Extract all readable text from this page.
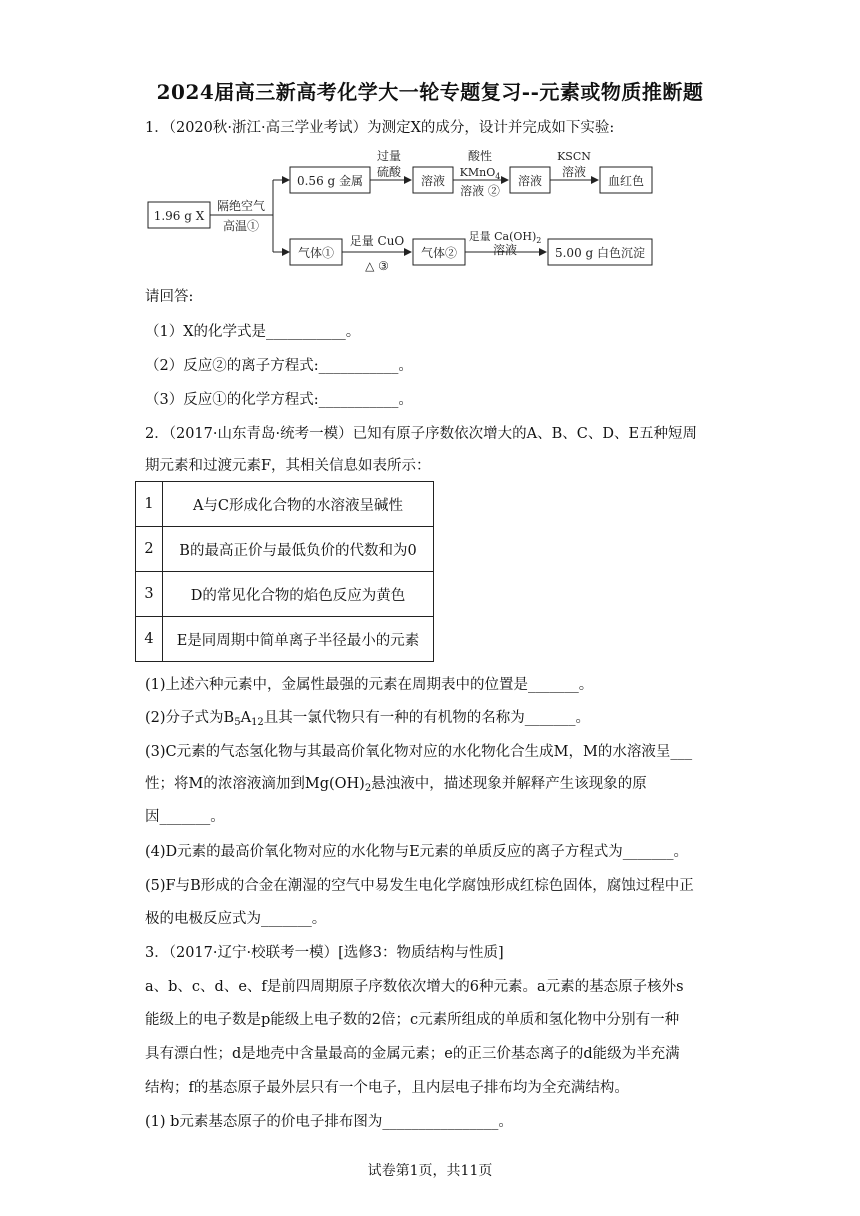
2024届高三新高考化学大一轮专题复习--元素或物质推断题
1．（2020秋·浙江·高三学业考试）为测定X的成分，设计并完成如下实验:
1.96 g X
隔绝空气
高温①
0.56 g 金属
过量
硫酸
溶液
酸性
KMnO$_4$
溶液 ②
溶液
KSCN
溶液
血红色
气体①
足量 CuO
△ ③
气体②
足量 $Ca(OH)_2$
溶液	5.00 g 白色沉淀
请回答:
（1）X的化学式是___________。
（2）反应②的离子方程式:___________。
（3）反应①的化学方程式:___________。
2．（2017·山东青岛·统考一模）已知有原子序数依次增大的A、B、C、D、E五种短周
期元素和过渡元素F，其相关信息如表所示：
1	A与C形成化合物的水溶液呈碱性
2	B的最高正价与最低负价的代数和为0
3	D的常见化合物的焰色反应为黄色
4	E是同周期中简单离子半径最小的元素
(1)上述六种元素中，金属性最强的元素在周期表中的位置是_______。
(2)分子式为$B_5A_{12}$且其一氯代物只有一种的有机物的名称为_______。
(3)C元素的气态氢化物与其最高价氧化物对应的水化物化合生成M，M的水溶液呈___
性；将M的浓溶液滴加到$Mg(OH)_2$悬浊液中，描述现象并解释产生该现象的原
因_______。
(4)D元素的最高价氧化物对应的水化物与E元素的单质反应的离子方程式为_______。
(5)F与B形成的合金在潮湿的空气中易发生电化学腐蚀形成红棕色固体，腐蚀过程中正
极的电极反应式为_______。
3．（2017·辽宁·校联考一模）[选修3：物质结构与性质]
a、b、c、d、e、f是前四周期原子序数依次增大的6种元素。a元素的基态原子核外s
能级上的电子数是p能级上电子数的2倍；c元素所组成的单质和氢化物中分别有一种
具有漂白性；d是地壳中含量最高的金属元素；e的正三价基态离子的d能级为半充满
结构；f的基态原子最外层只有一个电子，且内层电子排布均为全充满结构。
(1) b元素基态原子的价电子排布图为________________。
试卷第1页，共11页
